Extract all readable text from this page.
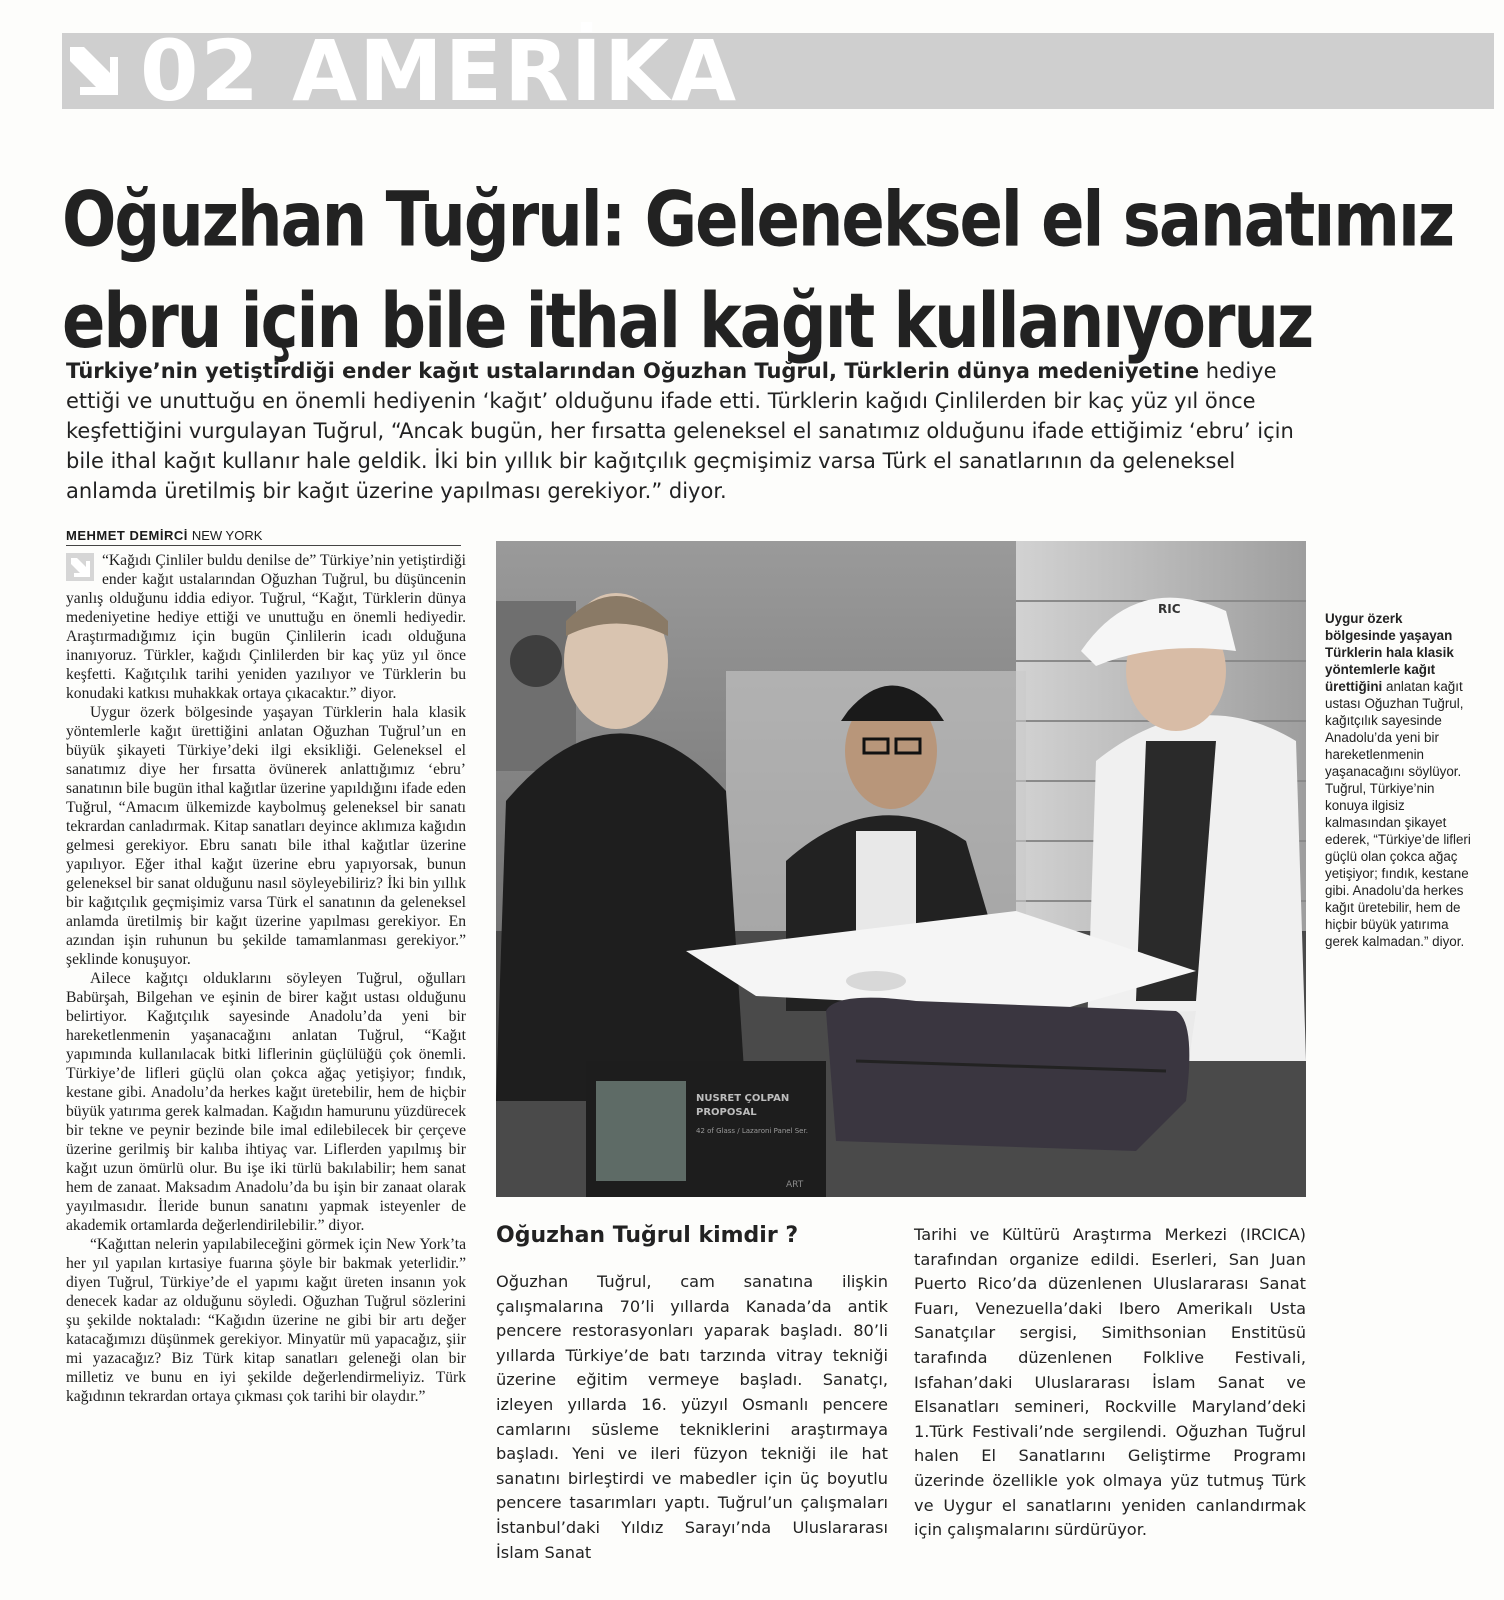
02 AMERİKA
Oğuzhan Tuğrul: Geleneksel el sanatımız
ebru için bile ithal kağıt kullanıyoruz

Türkiye’nin yetiştirdiği ender kağıt ustalarından Oğuzhan Tuğrul, Türklerin dünya medeniyetine hediye ettiği ve unuttuğu en önemli hediyenin ‘kağıt’ olduğunu ifade etti. Türklerin kağıdı Çinlilerden bir kaç yüz yıl önce keşfettiğini vurgulayan Tuğrul, “Ancak bugün, her fırsatta geleneksel el sanatımız olduğunu ifade ettiğimiz ‘ebru’ için bile ithal kağıt kullanır hale geldik. İki bin yıllık bir kağıtçılık geçmişimiz varsa Türk el sanatlarının da geleneksel anlamda üretilmiş bir kağıt üzerine yapılması gerekiyor.” diyor.

MEHMET DEMİRCİ NEW YORK

“Kağıdı Çinliler buldu denilse de” Türkiye’nin yetiştirdiği ender kağıt ustalarından Oğuzhan Tuğrul, bu düşüncenin yanlış olduğunu iddia ediyor. Tuğrul, “Kağıt, Türklerin dünya medeniyetine hediye ettiği ve unuttuğu en önemli hediyedir. Araştırmadığımız için bugün Çinlilerin icadı olduğuna inanıyoruz. Türkler, kağıdı Çinlilerden bir kaç yüz yıl önce keşfetti. Kağıtçılık tarihi yeniden yazılıyor ve Türklerin bu konudaki katkısı muhakkak ortaya çıkacaktır.” diyor.

Uygur özerk bölgesinde yaşayan Türklerin hala klasik yöntemlerle kağıt ürettiğini anlatan Oğuzhan Tuğrul’un en büyük şikayeti Türkiye’deki ilgi eksikliği. Geleneksel el sanatımız diye her fırsatta övünerek anlattığımız ‘ebru’ sanatının bile bugün ithal kağıtlar üzerine yapıldığını ifade eden Tuğrul, “Amacım ülkemizde kaybolmuş geleneksel bir sanatı tekrardan canladırmak. Kitap sanatları deyince aklımıza kağıdın gelmesi gerekiyor. Ebru sanatı bile ithal kağıtlar üzerine yapılıyor. Eğer ithal kağıt üzerine ebru yapıyorsak, bunun geleneksel bir sanat olduğunu nasıl söyleyebiliriz? İki bin yıllık bir kağıtçılık geçmişimiz varsa Türk el sanatının da geleneksel anlamda üretilmiş bir kağıt üzerine yapılması gerekiyor. En azından işin ruhunun bu şekilde tamamlanması gerekiyor.” şeklinde konuşuyor.

Ailece kağıtçı olduklarını söyleyen Tuğrul, oğulları Babürşah, Bilgehan ve eşinin de birer kağıt ustası olduğunu belirtiyor. Kağıtçılık sayesinde Anadolu’da yeni bir hareketlenmenin yaşanacağını anlatan Tuğrul, “Kağıt yapımında kullanılacak bitki liflerinin güçlülüğü çok önemli. Türkiye’de lifleri güçlü olan çokca ağaç yetişiyor; fındık, kestane gibi. Anadolu’da herkes kağıt üretebilir, hem de hiçbir büyük yatırıma gerek kalmadan. Kağıdın hamurunu yüzdürecek bir tekne ve peynir bezinde bile imal edilebilecek bir çerçeve üzerine gerilmiş bir kalıba ihtiyaç var. Liflerden yapılmış bir kağıt uzun ömürlü olur. Bu işe iki türlü bakılabilir; hem sanat hem de zanaat. Maksadım Anadolu’da bu işin bir zanaat olarak yayılmasıdır. İleride bunun sanatını yapmak isteyenler de akademik ortamlarda değerlendirilebilir.” diyor.

“Kağıttan nelerin yapılabileceğini görmek için New York’ta her yıl yapılan kırtasiye fuarına şöyle bir bakmak yeterlidir.” diyen Tuğrul, Türkiye’de el yapımı kağıt üreten insanın yok denecek kadar az olduğunu söyledi. Oğuzhan Tuğrul sözlerini şu şekilde noktaladı: “Kağıdın üzerine ne gibi bir artı değer katacağımızı düşünmek gerekiyor. Minyatür mü yapacağız, şiir mi yazacağız? Biz Türk kitap sanatları geleneği olan bir milletiz ve bunu en iyi şekilde değerlendirmeliyiz. Türk kağıdının tekrardan ortaya çıkması çok tarihi bir olaydır.”

RIC
NUSRET ÇOLPAN
PROPOSAL
42 of Glass / Lazaroni Panel Ser.
ART
Uygur özerk bölgesinde yaşayan Türklerin hala klasik yöntemlerle kağıt ürettiğini anlatan kağıt ustası Oğuzhan Tuğrul, kağıtçılık sayesinde Anadolu’da yeni bir hareketlenmenin yaşanacağını söylüyor. Tuğrul, Türkiye’nin konuya ilgisiz kalmasından şikayet ederek, “Türkiye’de lifleri güçlü olan çokca ağaç yetişiyor; fındık, kestane gibi. Anadolu’da herkes kağıt üretebilir, hem de hiçbir büyük yatırıma gerek kalmadan.” diyor.
Oğuzhan Tuğrul kimdir ?

Oğuzhan Tuğrul, cam sanatına ilişkin çalışmalarına 70’li yıllarda Kanada’da antik pencere restorasyonları yaparak başladı. 80’li yıllarda Türkiye’de batı tarzında vitray tekniği üzerine eğitim vermeye başladı. Sanatçı, izleyen yıllarda 16. yüzyıl Osmanlı pencere camlarını süsleme tekniklerini araştırmaya başladı. Yeni ve ileri füzyon tekniği ile hat sanatını birleştirdi ve mabedler için üç boyutlu pencere tasarımları yaptı. Tuğrul’un çalışmaları İstanbul’daki Yıldız Sarayı’nda Uluslararası İslam Sanat

Tarihi ve Kültürü Araştırma Merkezi (IRCICA) tarafından organize edildi. Eserleri, San Juan Puerto Rico’da düzenlenen Uluslararası Sanat Fuarı, Venezuella’daki Ibero Amerikalı Usta Sanatçılar sergisi, Simithsonian Enstitüsü tarafında düzenlenen Folklive Festivali, Isfahan’daki Uluslararası İslam Sanat ve Elsanatları semineri, Rockville Maryland’deki 1.Türk Festivali’nde sergilendi. Oğuzhan Tuğrul halen El Sanatlarını Geliştirme Programı üzerinde özellikle yok olmaya yüz tutmuş Türk ve Uygur el sanatlarını yeniden canlandırmak için çalışmalarını sürdürüyor.
